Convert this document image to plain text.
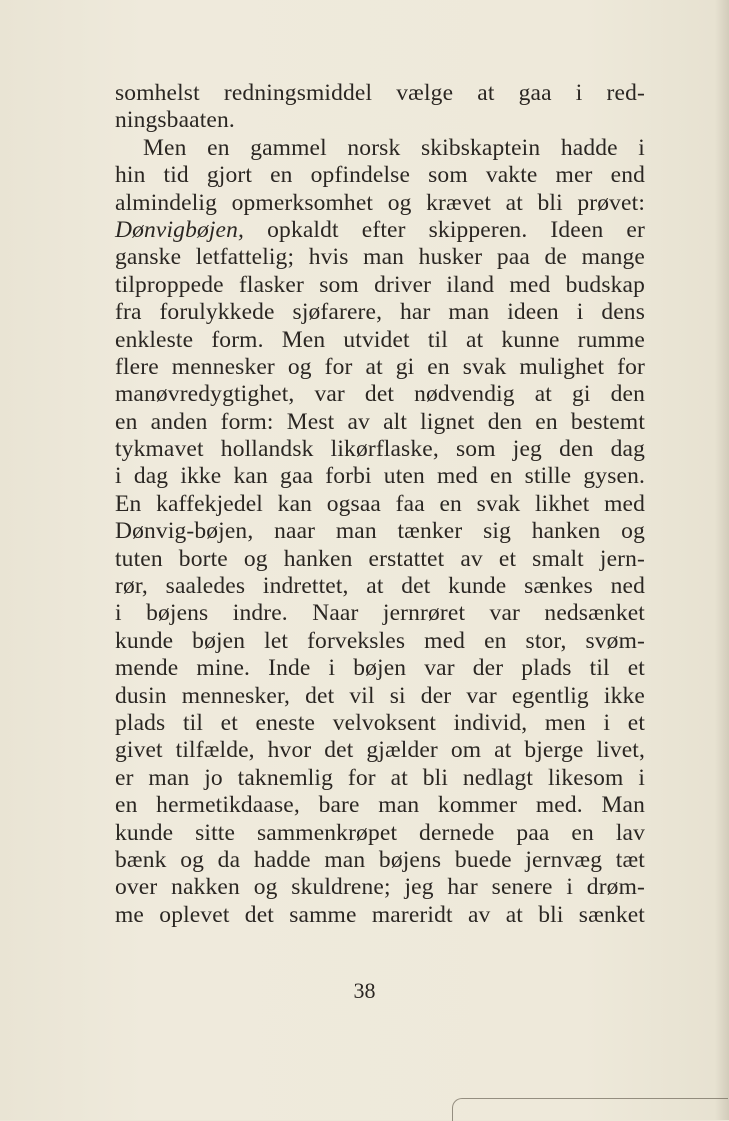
somhelst redningsmiddel vælge at gaa i red-
ningsbaaten.
Men en gammel norsk skibskaptein hadde i
hin tid gjort en opfindelse som vakte mer end
almindelig opmerksomhet og krævet at bli prøvet:
Dønvigbøjen, opkaldt efter skipperen. Ideen er
ganske letfattelig; hvis man husker paa de mange
tilproppede flasker som driver iland med budskap
fra forulykkede sjøfarere, har man ideen i dens
enkleste form. Men utvidet til at kunne rumme
flere mennesker og for at gi en svak mulighet for
manøvredygtighet, var det nødvendig at gi den
en anden form: Mest av alt lignet den en bestemt
tykmavet hollandsk likørflaske, som jeg den dag
i dag ikke kan gaa forbi uten med en stille gysen.
En kaffekjedel kan ogsaa faa en svak likhet med
Dønvig-bøjen, naar man tænker sig hanken og
tuten borte og hanken erstattet av et smalt jern-
rør, saaledes indrettet, at det kunde sænkes ned
i bøjens indre. Naar jernrøret var nedsænket
kunde bøjen let forveksles med en stor, svøm-
mende mine. Inde i bøjen var der plads til et
dusin mennesker, det vil si der var egentlig ikke
plads til et eneste velvoksent individ, men i et
givet tilfælde, hvor det gjælder om at bjerge livet,
er man jo taknemlig for at bli nedlagt likesom i
en hermetikdaase, bare man kommer med. Man
kunde sitte sammenkrøpet dernede paa en lav
bænk og da hadde man bøjens buede jernvæg tæt
over nakken og skuldrene; jeg har senere i drøm-
me oplevet det samme mareridt av at bli sænket
38
